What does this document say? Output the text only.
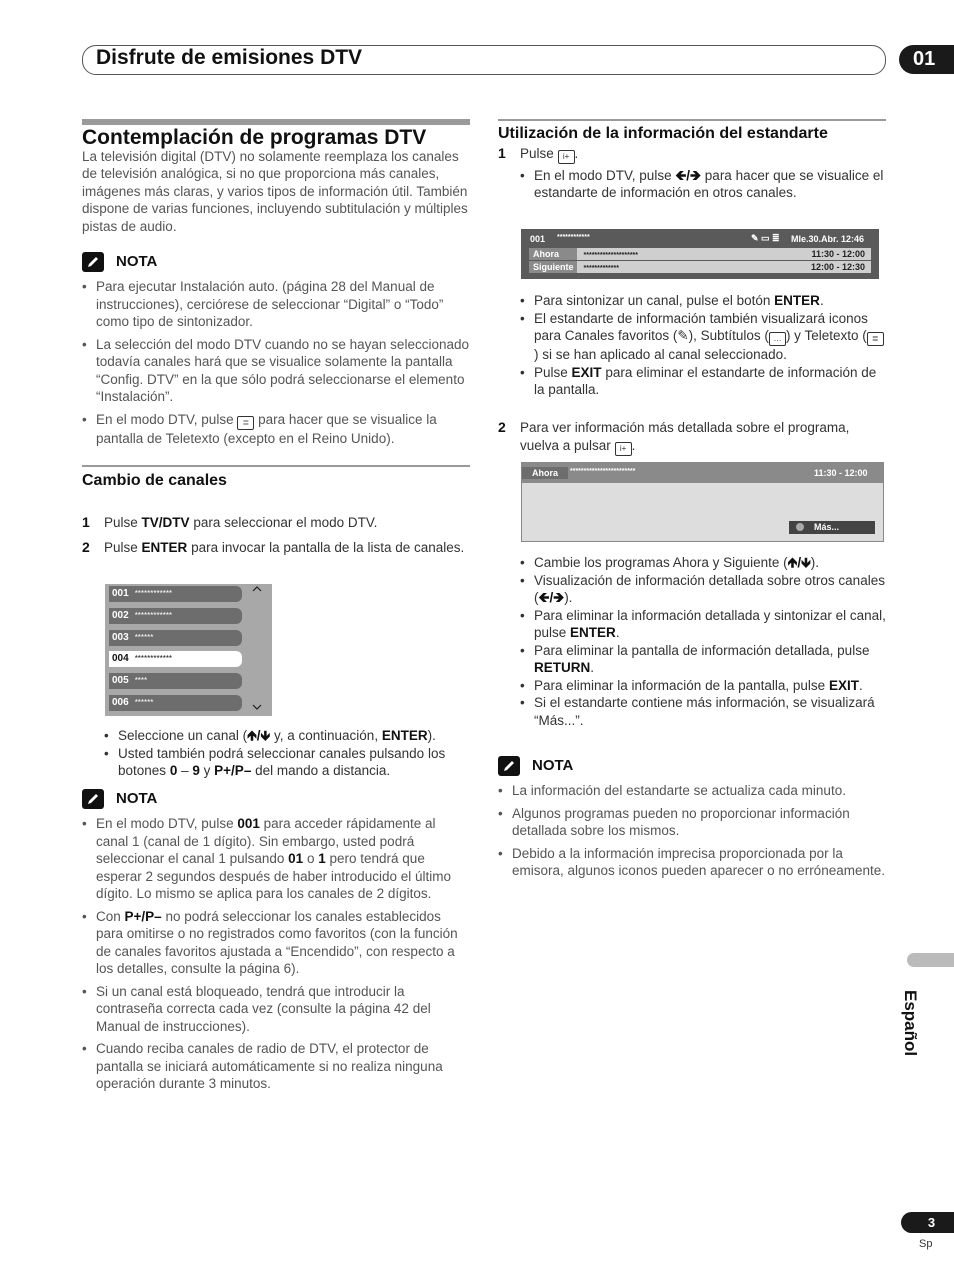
Disfrute de emisiones DTV	01
Contemplación de programas DTV

La televisión digital (DTV) no solamente reemplaza los canales de televisión analógica, si no que proporciona más canales, imágenes más claras, y varios tipos de información útil. También dispone de varias funciones, incluyendo subtitulación y múltiples pistas de audio.

NOTA
• Para ejecutar Instalación auto. (página 28 del Manual de instrucciones), cerciórese de seleccionar “Digital” o “Todo” como tipo de sintonizador.
• La selección del modo DTV cuando no se hayan seleccionado todavía canales hará que se visualice solamente la pantalla “Config. DTV” en la que sólo podrá seleccionarse el elemento “Instalación”.
• En el modo DTV, pulse ≣ para hacer que se visualice la pantalla de Teletexto (excepto en el Reino Unido).
Cambio de canales
1 Pulse TV/DTV para seleccionar el modo DTV.
2 Pulse ENTER para invocar la pantalla de la lista de canales.
001 ************
002 ************
003 ******
004 ************
005 ****
006 ******
• Seleccione un canal (🡹/🡻 y, a continuación, ENTER).
• Usted también podrá seleccionar canales pulsando los botones 0 – 9 y P+/P– del mando a distancia.
NOTA
• En el modo DTV, pulse 001 para acceder rápidamente al canal 1 (canal de 1 dígito). Sin embargo, usted podrá seleccionar el canal 1 pulsando 01 o 1 pero tendrá que esperar 2 segundos después de haber introducido el último dígito. Lo mismo se aplica para los canales de 2 dígitos.
• Con P+/P– no podrá seleccionar los canales establecidos para omitirse o no registrados como favoritos (con la función de canales favoritos ajustada a “Encendido”, con respecto a los detalles, consulte la página 6).
• Si un canal está bloqueado, tendrá que introducir la contraseña correcta cada vez (consulte la página 42 del Manual de instrucciones).
• Cuando reciba canales de radio de DTV, el protector de pantalla se iniciará automáticamente si no realiza ninguna operación durante 3 minutos.
Utilización de la información del estandarte
1 Pulse i+ .
• En el modo DTV, pulse 🡸/🡺 para hacer que se visualice el estandarte de información en otros canales.
001 ************	✎ ▭ ≣ Mle.30.Abr. 12:46
Ahora	********************	11:30 - 12:00
Siguiente *************	12:00 - 12:30
• Para sintonizar un canal, pulse el botón ENTER.
• El estandarte de información también visualizará iconos para Canales favoritos (✎), Subtítulos ( … ) y Teletexto ( ≣) si se han aplicado al canal seleccionado.
• Pulse EXIT para eliminar el estandarte de información de la pantalla.
2 Para ver información más detallada sobre el programa, vuelva a pulsar i+ .
Ahora	************************	11:30 - 12:00
Más...
• Cambie los programas Ahora y Siguiente (🡹/🡻).
• Visualización de información detallada sobre otros canales (🡸/🡺).
• Para eliminar la información detallada y sintonizar el canal, pulse ENTER.
• Para eliminar la pantalla de información detallada, pulse RETURN.
• Para eliminar la información de la pantalla, pulse EXIT.
• Si el estandarte contiene más información, se visualizará “Más...”.
NOTA
• La información del estandarte se actualiza cada minuto.
• Algunos programas pueden no proporcionar información detallada sobre los mismos.
• Debido a la información imprecisa proporcionada por la emisora, algunos iconos pueden aparecer o no erróneamente.
Español
3
Sp
